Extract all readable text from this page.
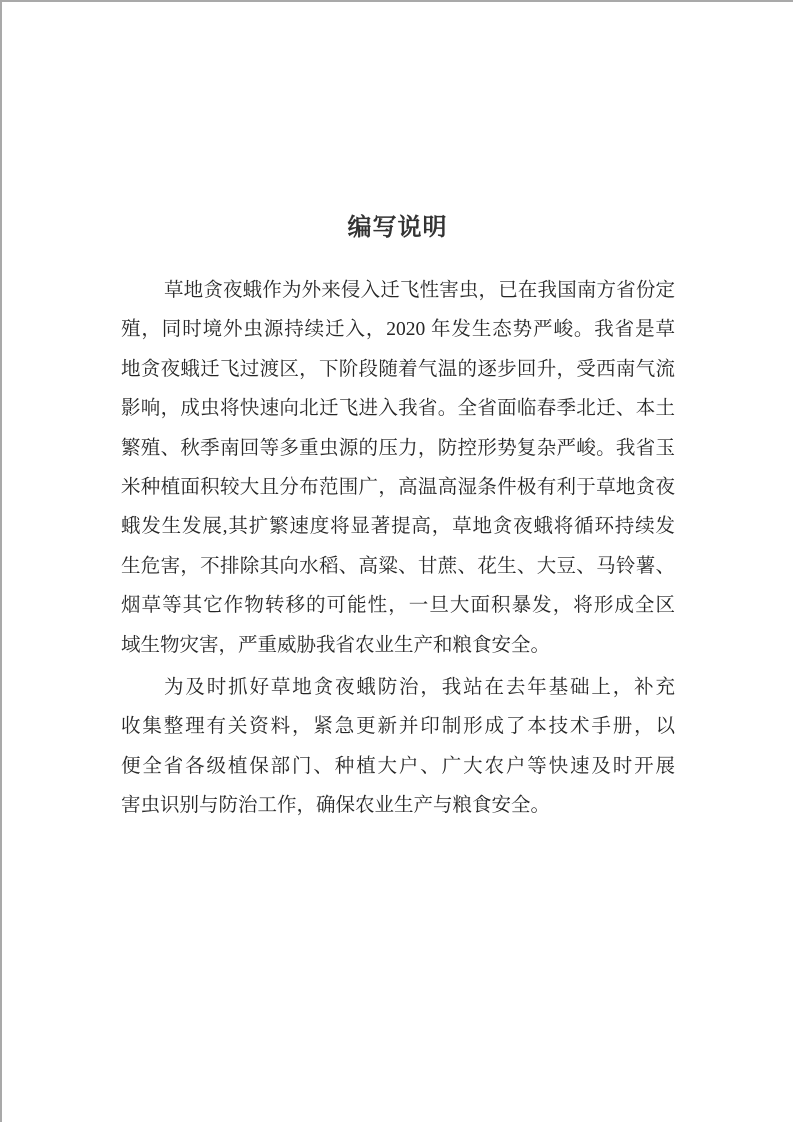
编写说明
草地贪夜蛾作为外来侵入迁飞性害虫，已在我国南方省份定
殖，同时境外虫源持续迁入，2020 年发生态势严峻。我省是草
地贪夜蛾迁飞过渡区，下阶段随着气温的逐步回升，受西南气流
影响，成虫将快速向北迁飞进入我省。全省面临春季北迁、本土
繁殖、秋季南回等多重虫源的压力，防控形势复杂严峻。我省玉
米种植面积较大且分布范围广，高温高湿条件极有利于草地贪夜
蛾发生发展,其扩繁速度将显著提高，草地贪夜蛾将循环持续发
生危害，不排除其向水稻、高粱、甘蔗、花生、大豆、马铃薯、
烟草等其它作物转移的可能性，一旦大面积暴发，将形成全区
域生物灾害，严重威胁我省农业生产和粮食安全。
为及时抓好草地贪夜蛾防治，我站在去年基础上，补充
收集整理有关资料，紧急更新并印制形成了本技术手册，以
便全省各级植保部门、种植大户、广大农户等快速及时开展
害虫识别与防治工作，确保农业生产与粮食安全。
